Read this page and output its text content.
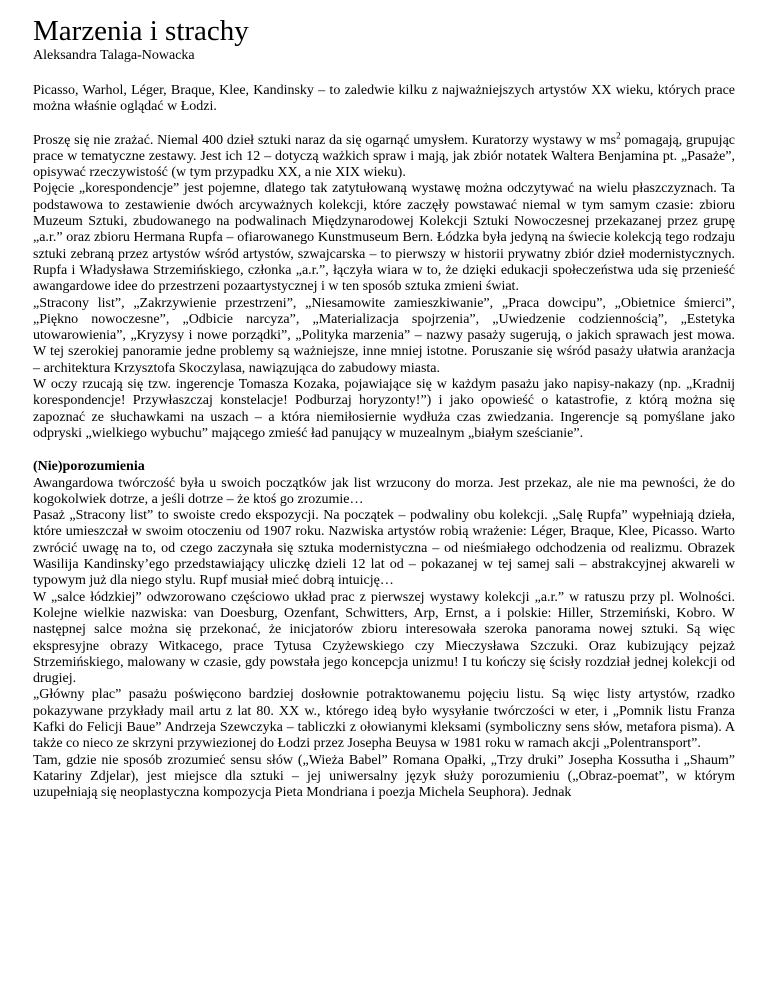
Marzenia i strachy

Aleksandra Talaga-Nowacka

Picasso, Warhol, Léger, Braque, Klee, Kandinsky – to zaledwie kilku z najważniejszych artystów XX wieku, których prace można właśnie oglądać w Łodzi.

Proszę się nie zrażać. Niemal 400 dzieł sztuki naraz da się ogarnąć umysłem. Kuratorzy wystawy w $ms^2$ pomagają, grupując prace w tematyczne zestawy. Jest ich 12 – dotyczą ważkich spraw i mają, jak zbiór notatek Waltera Benjamina pt. „Pasaże”, opisywać rzeczywistość (w tym przypadku XX, a nie XIX wieku).

Pojęcie „korespondencje” jest pojemne, dlatego tak zatytułowaną wystawę można odczytywać na wielu płaszczyznach. Ta podstawowa to zestawienie dwóch arcyważnych kolekcji, które zaczęły powstawać niemal w tym samym czasie: zbioru Muzeum Sztuki, zbudowanego na podwalinach Międzynarodowej Kolekcji Sztuki Nowoczesnej przekazanej przez grupę „a.r.” oraz zbioru Hermana Rupfa – ofiarowanego Kunstmuseum Bern. Łódzka była jedyną na świecie kolekcją tego rodzaju sztuki zebraną przez artystów wśród artystów, szwajcarska – to pierwszy w historii prywatny zbiór dzieł modernistycznych. Rupfa i Władysława Strzemińskiego, członka „a.r.”, łączyła wiara w to, że dzięki edukacji społeczeństwa uda się przenieść awangardowe idee do przestrzeni pozaartystycznej i w ten sposób sztuka zmieni świat.

„Stracony list”, „Zakrzywienie przestrzeni”, „Niesamowite zamieszkiwanie”, „Praca dowcipu”, „Obietnice śmierci”, „Piękno nowoczesne”, „Odbicie narcyza”, „Materializacja spojrzenia”, „Uwiedzenie codziennością”, „Estetyka utowarowienia”, „Kryzysy i nowe porządki”, „Polityka marzenia” – nazwy pasaży sugerują, o jakich sprawach jest mowa. W tej szerokiej panoramie jedne problemy są ważniejsze, inne mniej istotne. Poruszanie się wśród pasaży ułatwia aranżacja – architektura Krzysztofa Skoczylasa, nawiązująca do zabudowy miasta.

W oczy rzucają się tzw. ingerencje Tomasza Kozaka, pojawiające się w każdym pasażu jako napisy-nakazy (np. „Kradnij korespondencje! Przywłaszczaj konstelacje! Podburzaj horyzonty!”) i jako opowieść o katastrofie, z którą można się zapoznać ze słuchawkami na uszach – a która niemiłosiernie wydłuża czas zwiedzania. Ingerencje są pomyślane jako odpryski „wielkiego wybuchu” mającego zmieść ład panujący w muzealnym „białym sześcianie”.

(Nie)porozumienia

Awangardowa twórczość była u swoich początków jak list wrzucony do morza. Jest przekaz, ale nie ma pewności, że do kogokolwiek dotrze, a jeśli dotrze – że ktoś go zrozumie…

Pasaż „Stracony list” to swoiste credo ekspozycji. Na początek – podwaliny obu kolekcji. „Salę Rupfa” wypełniają dzieła, które umieszczał w swoim otoczeniu od 1907 roku. Nazwiska artystów robią wrażenie: Léger, Braque, Klee, Picasso. Warto zwrócić uwagę na to, od czego zaczynała się sztuka modernistyczna – od nieśmiałego odchodzenia od realizmu. Obrazek Wasilija Kandinsky’ego przedstawiający uliczkę dzieli 12 lat od – pokazanej w tej samej sali – abstrakcyjnej akwareli w typowym już dla niego stylu. Rupf musiał mieć dobrą intuicję…

W „salce łódzkiej” odwzorowano częściowo układ prac z pierwszej wystawy kolekcji „a.r.” w ratuszu przy pl. Wolności. Kolejne wielkie nazwiska: van Doesburg, Ozenfant, Schwitters, Arp, Ernst, a i polskie: Hiller, Strzemiński, Kobro. W następnej salce można się przekonać, że inicjatorów zbioru interesowała szeroka panorama nowej sztuki. Są więc ekspresyjne obrazy Witkacego, prace Tytusa Czyżewskiego czy Mieczysława Szczuki. Oraz kubizujący pejzaż Strzemińskiego, malowany w czasie, gdy powstała jego koncepcja unizmu! I tu kończy się ścisły rozdział jednej kolekcji od drugiej.

„Główny plac” pasażu poświęcono bardziej dosłownie potraktowanemu pojęciu listu. Są więc listy artystów, rzadko pokazywane przykłady mail artu z lat 80. XX w., którego ideą było wysyłanie twórczości w eter, i „Pomnik listu Franza Kafki do Felicji Baue” Andrzeja Szewczyka – tabliczki z ołowianymi kleksami (symboliczny sens słów, metafora pisma). A także co nieco ze skrzyni przywiezionej do Łodzi przez Josepha Beuysa w 1981 roku w ramach akcji „Polentransport”.

Tam, gdzie nie sposób zrozumieć sensu słów („Wieża Babel” Romana Opałki, „Trzy druki” Josepha Kossutha i „Shaum” Katariny Zdjelar), jest miejsce dla sztuki – jej uniwersalny język służy porozumieniu („Obraz-poemat”, w którym uzupełniają się neoplastyczna kompozycja Pieta Mondriana i poezja Michela Seuphora). Jednak
